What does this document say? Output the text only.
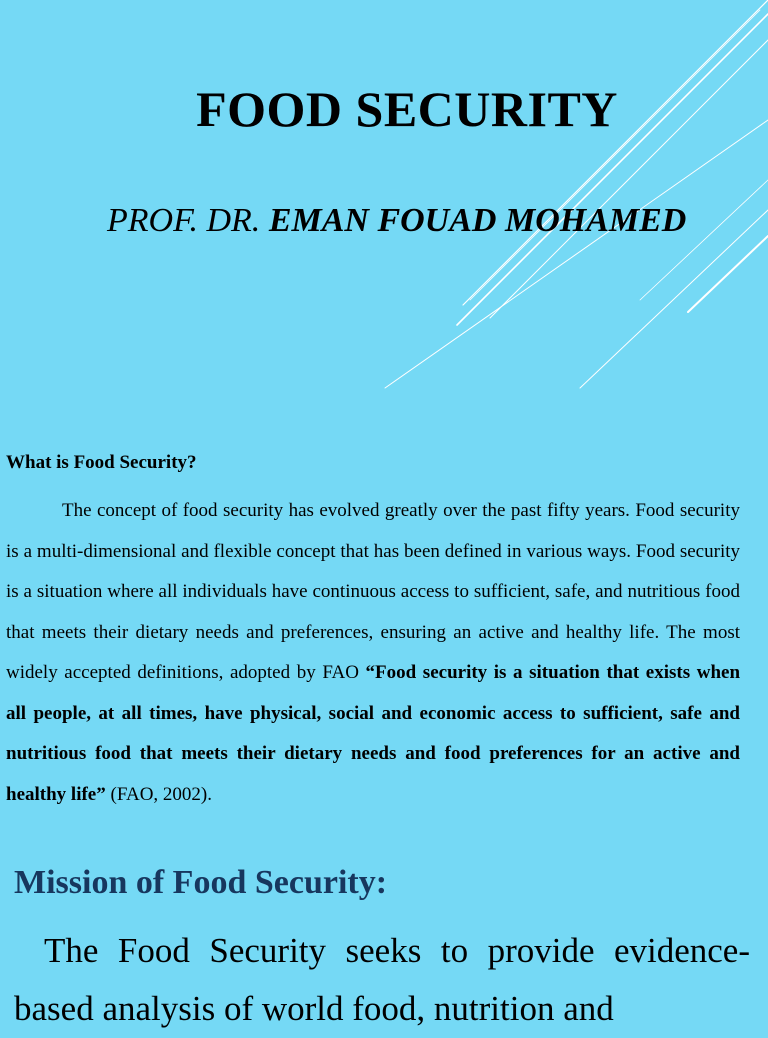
FOOD SECURITY

PROF. DR. EMAN FOUAD MOHAMED

What is Food Security?

The concept of food security has evolved greatly over the past fifty years. Food security is a multi-dimensional and flexible concept that has been defined in various ways. Food security is a situation where all individuals have continuous access to sufficient, safe, and nutritious food that meets their dietary needs and preferences, ensuring an active and healthy life. The most widely accepted definitions, adopted by FAO “Food security is a situation that exists when all people, at all times, have physical, social and economic access to sufficient, safe and nutritious food that meets their dietary needs and food preferences for an active and healthy life” (FAO, 2002).

Mission of Food Security:

The Food Security seeks to provide evidence-based analysis of world food, nutrition and
